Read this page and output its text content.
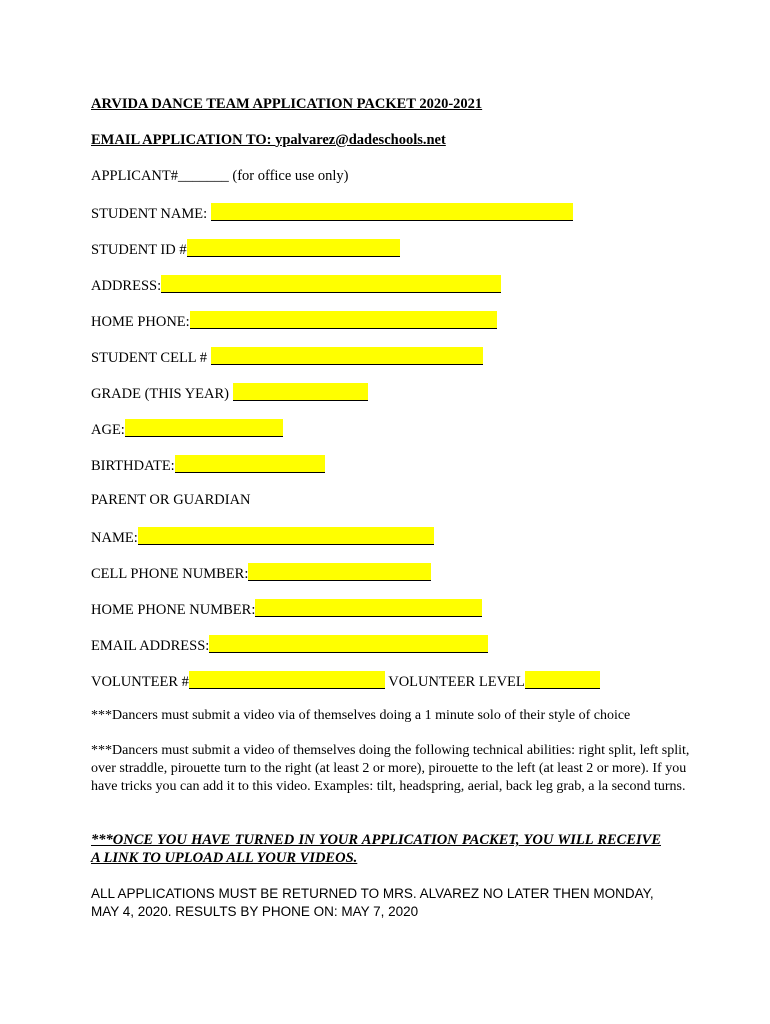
ARVIDA DANCE TEAM APPLICATION PACKET 2020-2021
EMAIL APPLICATION TO: ypalvarez@dadeschools.net
APPLICANT#_______ (for office use only)
STUDENT NAME:
STUDENT ID #
ADDRESS:
HOME PHONE:
STUDENT CELL #
GRADE (THIS YEAR)
AGE:
BIRTHDATE:
PARENT OR GUARDIAN
NAME:
CELL PHONE NUMBER:
HOME PHONE NUMBER:
EMAIL ADDRESS:
VOLUNTEER #	VOLUNTEER LEVEL
***Dancers must submit a video via of themselves doing a 1 minute solo of their style of choice
***Dancers must submit a video of themselves doing the following technical abilities: right split, left split, over straddle, pirouette turn to the right (at least 2 or more), pirouette to the left (at least 2 or more). If you have tricks you can add it to this video. Examples: tilt, headspring, aerial, back leg grab, a la second turns.
***ONCE YOU HAVE TURNED IN YOUR APPLICATION PACKET, YOU WILL RECEIVE A LINK TO UPLOAD ALL YOUR VIDEOS.
ALL APPLICATIONS MUST BE RETURNED TO MRS. ALVAREZ NO LATER THEN MONDAY, MAY 4, 2020. RESULTS BY PHONE ON: MAY 7, 2020
